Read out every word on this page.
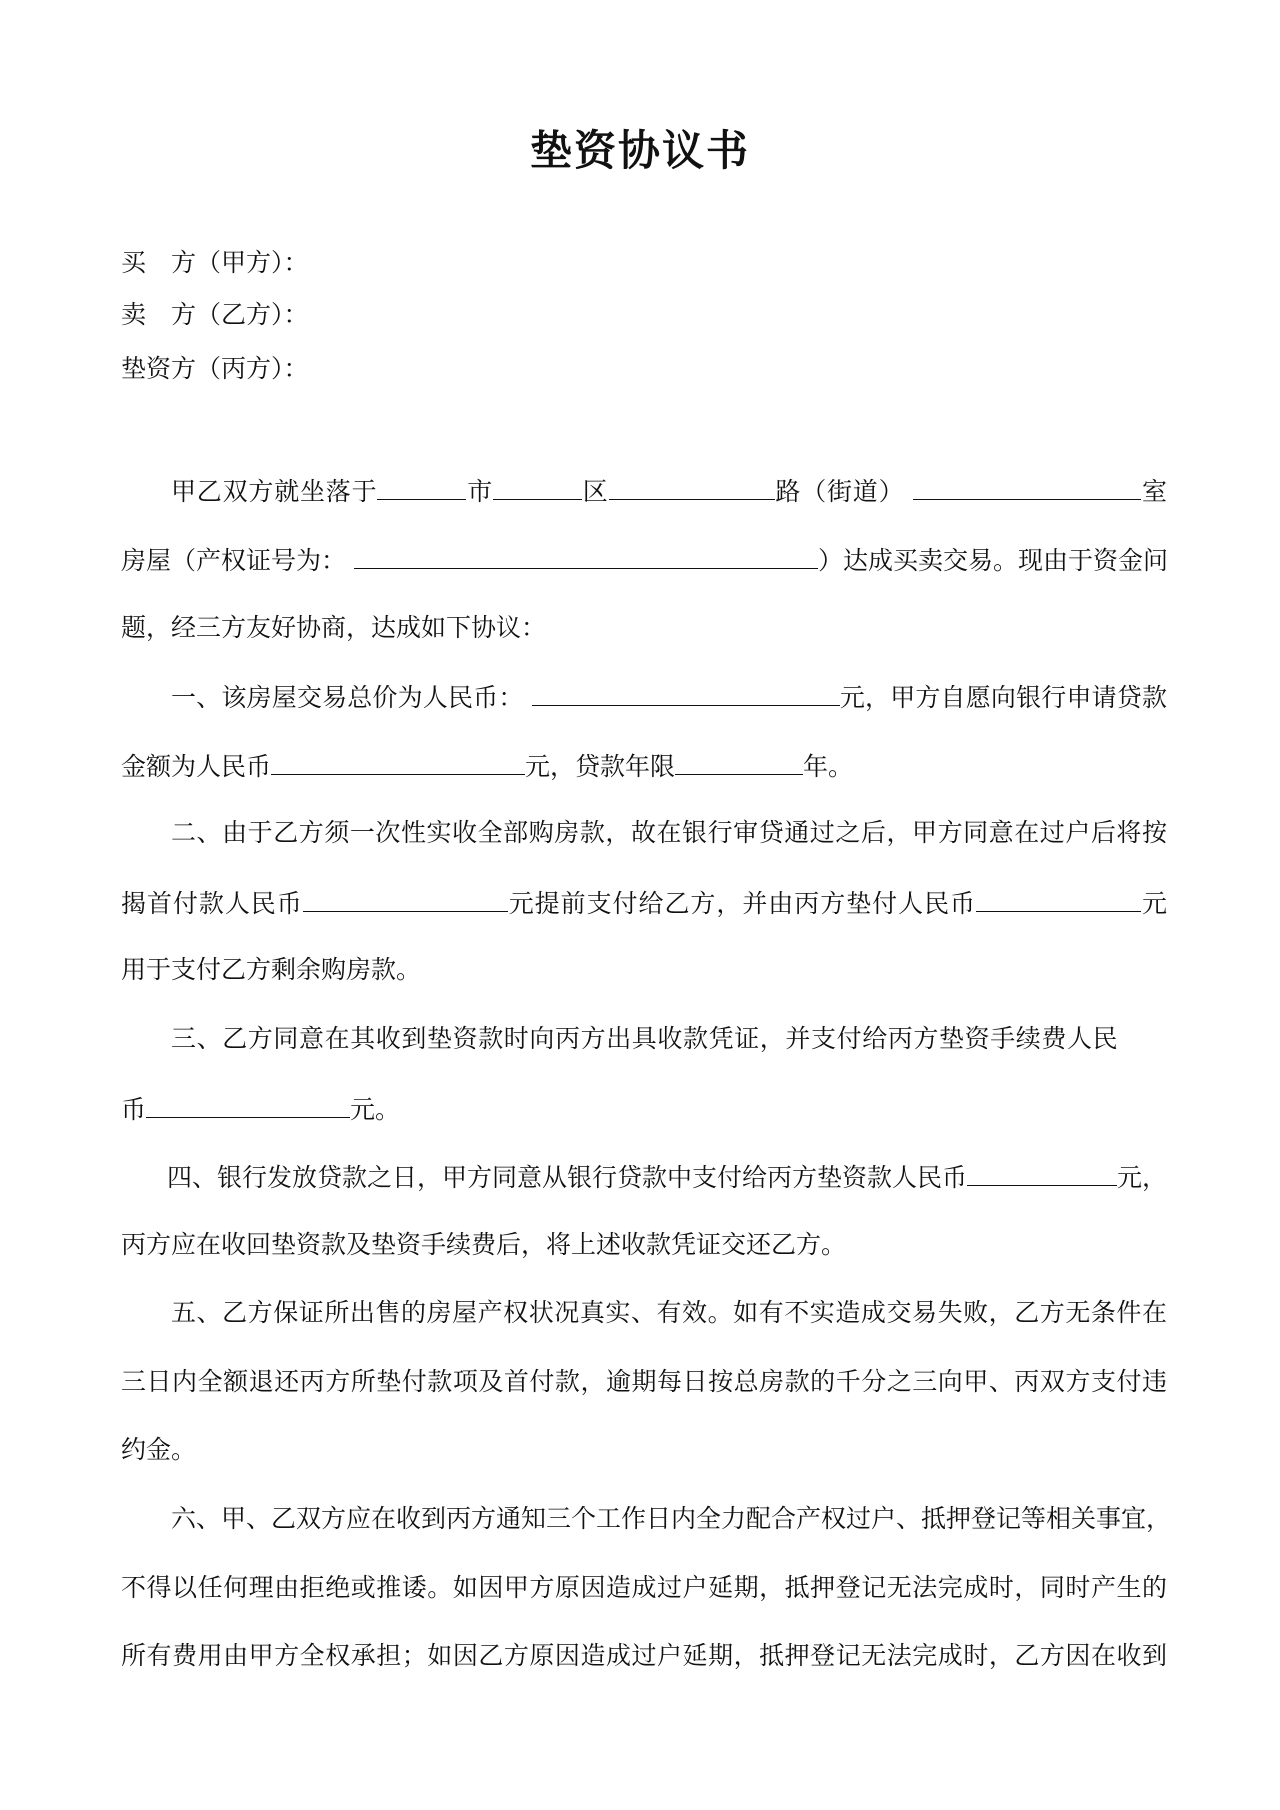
垫资协议书
买　方（甲方）：
卖　方（乙方）：
垫资方（丙方）：
甲乙双方就坐落于	市	区	路（街道）	室
房屋（产权证号为：	）达成买卖交易。现由于资金问
题，经三方友好协商，达成如下协议：
一、该房屋交易总价为人民币：	元，甲方自愿向银行申请贷款
金额为人民币	元，贷款年限	年。
二、由于乙方须一次性实收全部购房款，故在银行审贷通过之后，甲方同意在过户后将按
揭首付款人民币	元提前支付给乙方，并由丙方垫付人民币	元
用于支付乙方剩余购房款。
三、乙方同意在其收到垫资款时向丙方出具收款凭证，并支付给丙方垫资手续费人民
币	元。
四、银行发放贷款之日，甲方同意从银行贷款中支付给丙方垫资款人民币	元，
丙方应在收回垫资款及垫资手续费后，将上述收款凭证交还乙方。
五、乙方保证所出售的房屋产权状况真实、有效。如有不实造成交易失败，乙方无条件在
三日内全额退还丙方所垫付款项及首付款，逾期每日按总房款的千分之三向甲、丙双方支付违
约金。
六、甲、乙双方应在收到丙方通知三个工作日内全力配合产权过户、抵押登记等相关事宜，
不得以任何理由拒绝或推诿。如因甲方原因造成过户延期，抵押登记无法完成时，同时产生的
所有费用由甲方全权承担；如因乙方原因造成过户延期，抵押登记无法完成时，乙方因在收到
